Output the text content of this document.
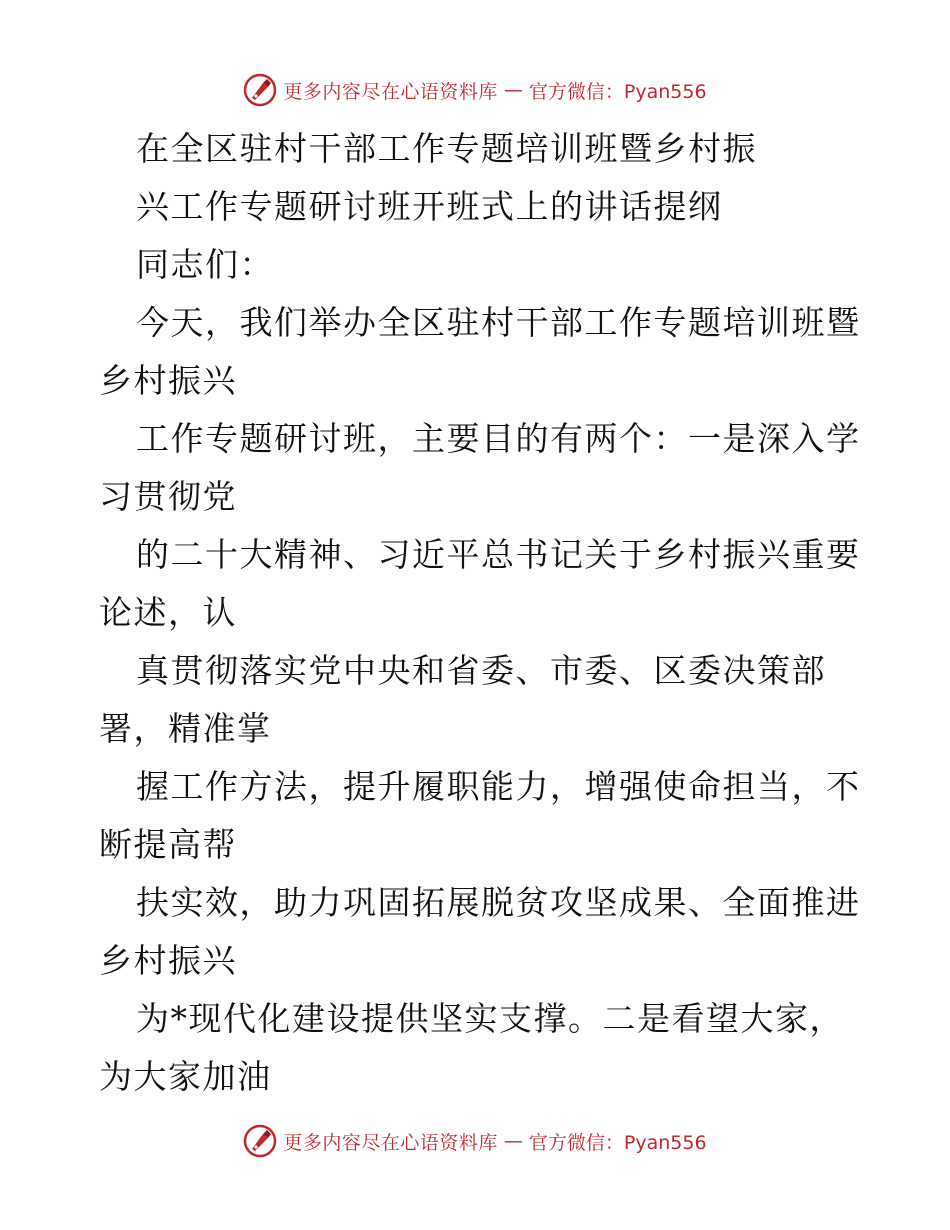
更多内容尽在心语资料库 — 官方微信：Pyan556
在全区驻村干部工作专题培训班暨乡村振
兴工作专题研讨班开班式上的讲话提纲
同志们：
今天，我们举办全区驻村干部工作专题培训班暨
乡村振兴
工作专题研讨班，主要目的有两个：一是深入学
习贯彻党
的二十大精神、习近平总书记关于乡村振兴重要
论述，认
真贯彻落实党中央和省委、市委、区委决策部
署，精准掌
握工作方法，提升履职能力，增强使命担当，不
断提高帮
扶实效，助力巩固拓展脱贫攻坚成果、全面推进
乡村振兴
为*现代化建设提供坚实支撑。二是看望大家，
为大家加油
更多内容尽在心语资料库 — 官方微信：Pyan556
